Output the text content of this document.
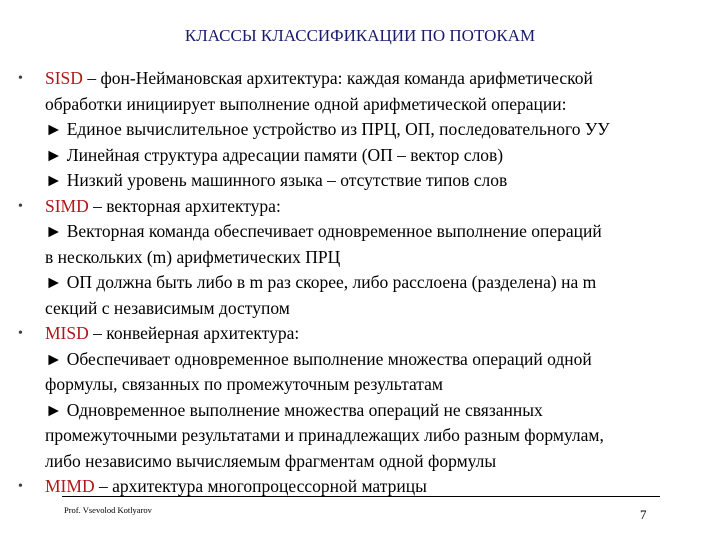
КЛАССЫ КЛАССИФИКАЦИИ ПО ПОТОКАМ
• SISD – фон-Неймановская архитектура: каждая команда арифметической

обработки инициирует выполнение одной арифметической операции:

► Единое вычислительное устройство из ПРЦ, ОП, последовательного УУ

► Линейная структура адресации памяти (ОП – вектор слов)

► Низкий уровень машинного языка – отсутствие типов слов

• SIMD – векторная архитектура:

► Векторная команда обеспечивает одновременное выполнение операций

в нескольких (m) арифметических ПРЦ

► ОП должна быть либо в m раз скорее, либо расслоена (разделена) на m

секций с независимым доступом

• MISD – конвейерная архитектура:

► Обеспечивает одновременное выполнение множества операций одной

формулы, связанных по промежуточным результатам

► Одновременное выполнение множества операций не связанных

промежуточными результатами и принадлежащих либо разным формулам,

либо независимо вычисляемым фрагментам одной формулы

• MIMD – архитектура многопроцессорной матрицы

Prof. Vsevolod Kotlyarov	7
